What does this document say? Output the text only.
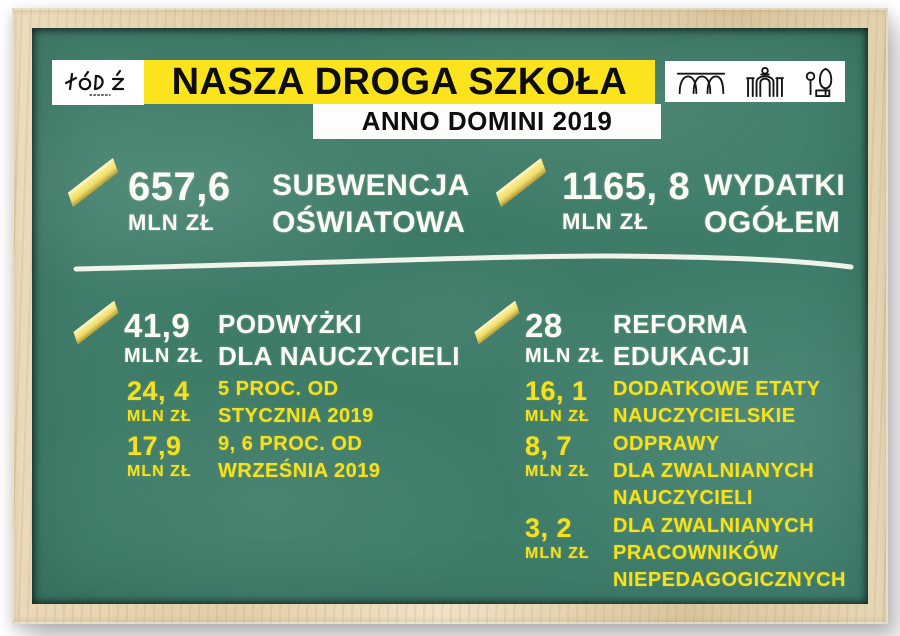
NASZA DROGA SZKOŁA
ANNO DOMINI 2019
657,6
MLN ZŁ
SUBWENCJA
OŚWIATOWA
1165, 8
MLN ZŁ
WYDATKI
OGÓŁEM
41,9
MLN ZŁ
PODWYŻKI
DLA NAUCZYCIELI
24, 4
MLN ZŁ
5 PROC. OD
STYCZNIA 2019
17,9
MLN ZŁ
9, 6 PROC. OD
WRZEŚNIA 2019
28
MLN ZŁ
REFORMA
EDUKACJI
16, 1
MLN ZŁ
DODATKOWE ETATY
NAUCZYCIELSKIE
8, 7
MLN ZŁ
ODPRAWY
DLA ZWALNIANYCH
NAUCZYCIELI
3, 2
MLN ZŁ
DLA ZWALNIANYCH
PRACOWNIKÓW
NIEPEDAGOGICZNYCH
